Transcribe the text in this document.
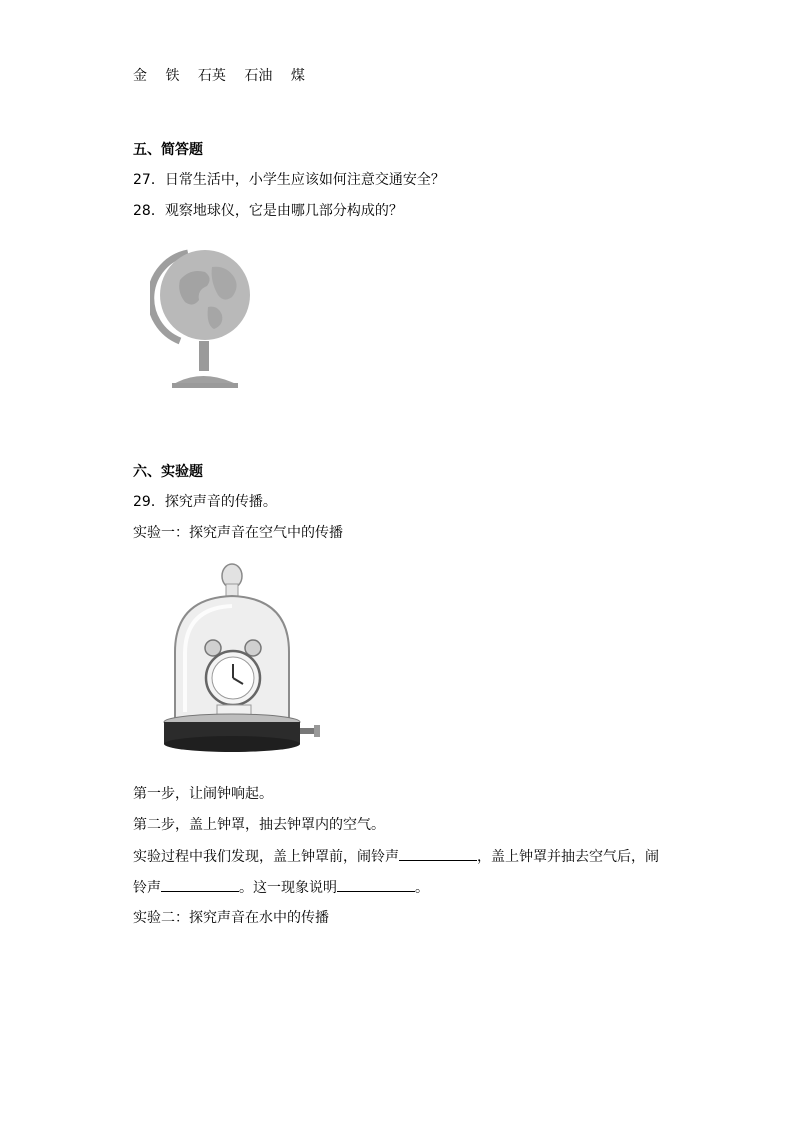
金 铁 石英 石油 煤
五、简答题
27．日常生活中，小学生应该如何注意交通安全？
28．观察地球仪，它是由哪几部分构成的？
六、实验题
29．探究声音的传播。
实验一：探究声音在空气中的传播
第一步，让闹钟响起。
第二步，盖上钟罩，抽去钟罩内的空气。
实验过程中我们发现，盖上钟罩前，闹铃声	，盖上钟罩并抽去空气后，闹
铃声	。这一现象说明	。
实验二：探究声音在水中的传播
